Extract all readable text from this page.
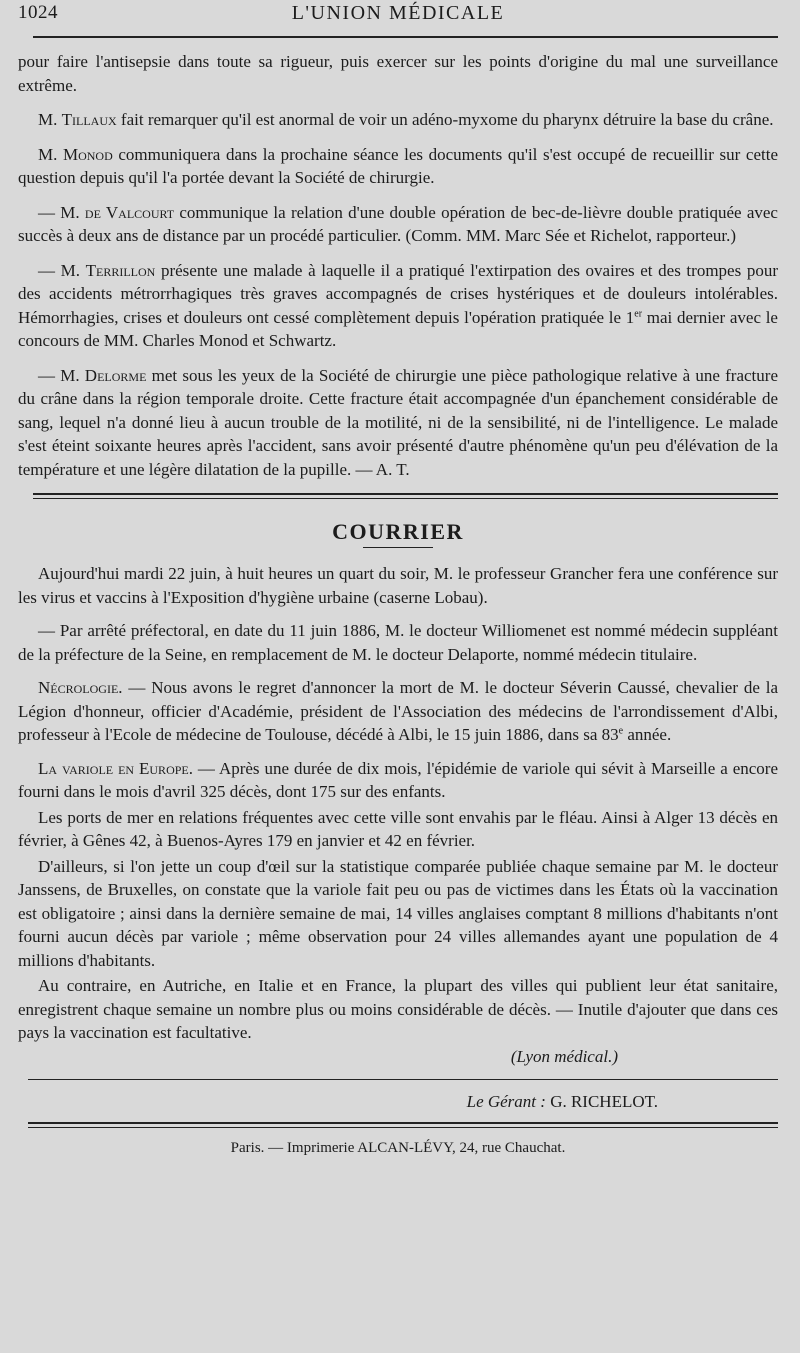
1024	L'UNION MÉDICALE

pour faire l'antisepsie dans toute sa rigueur, puis exercer sur les points d'origine du mal une surveillance extrême.

M. Tillaux fait remarquer qu'il est anormal de voir un adéno-myxome du pharynx détruire la base du crâne.

M. Monod communiquera dans la prochaine séance les documents qu'il s'est occupé de recueillir sur cette question depuis qu'il l'a portée devant la Société de chirurgie.

— M. de Valcourt communique la relation d'une double opération de bec-de-lièvre double pratiquée avec succès à deux ans de distance par un procédé particulier. (Comm. MM. Marc Sée et Richelot, rapporteur.)

— M. Terrillon présente une malade à laquelle il a pratiqué l'extirpation des ovaires et des trompes pour des accidents métrorrhagiques très graves accompagnés de crises hystériques et de douleurs intolérables. Hémorrhagies, crises et douleurs ont cessé complètement depuis l'opération pratiquée le 1er mai dernier avec le concours de MM. Charles Monod et Schwartz.

— M. Delorme met sous les yeux de la Société de chirurgie une pièce pathologique relative à une fracture du crâne dans la région temporale droite. Cette fracture était accompagnée d'un épanchement considérable de sang, lequel n'a donné lieu à aucun trouble de la motilité, ni de la sensibilité, ni de l'intelligence. Le malade s'est éteint soixante heures après l'accident, sans avoir présenté d'autre phénomène qu'un peu d'élévation de la température et une légère dilatation de la pupille. — A. T.

COURRIER

Aujourd'hui mardi 22 juin, à huit heures un quart du soir, M. le professeur Grancher fera une conférence sur les virus et vaccins à l'Exposition d'hygiène urbaine (caserne Lobau).

— Par arrêté préfectoral, en date du 11 juin 1886, M. le docteur Williomenet est nommé médecin suppléant de la préfecture de la Seine, en remplacement de M. le docteur Delaporte, nommé médecin titulaire.

Nécrologie. — Nous avons le regret d'annoncer la mort de M. le docteur Séverin Caussé, chevalier de la Légion d'honneur, officier d'Académie, président de l'Association des médecins de l'arrondissement d'Albi, professeur à l'Ecole de médecine de Toulouse, décédé à Albi, le 15 juin 1886, dans sa 83e année.

La variole en Europe. — Après une durée de dix mois, l'épidémie de variole qui sévit à Marseille a encore fourni dans le mois d'avril 325 décès, dont 175 sur des enfants.

Les ports de mer en relations fréquentes avec cette ville sont envahis par le fléau. Ainsi à Alger 13 décès en février, à Gênes 42, à Buenos-Ayres 179 en janvier et 42 en février.

D'ailleurs, si l'on jette un coup d'œil sur la statistique comparée publiée chaque semaine par M. le docteur Janssens, de Bruxelles, on constate que la variole fait peu ou pas de victimes dans les États où la vaccination est obligatoire ; ainsi dans la dernière semaine de mai, 14 villes anglaises comptant 8 millions d'habitants n'ont fourni aucun décès par variole ; même observation pour 24 villes allemandes ayant une population de 4 millions d'habitants.

Au contraire, en Autriche, en Italie et en France, la plupart des villes qui publient leur état sanitaire, enregistrent chaque semaine un nombre plus ou moins considérable de décès. — Inutile d'ajouter que dans ces pays la vaccination est facultative.

(Lyon médical.)
Le Gérant : G. RICHELOT.
Paris. — Imprimerie ALCAN-LÉVY, 24, rue Chauchat.
